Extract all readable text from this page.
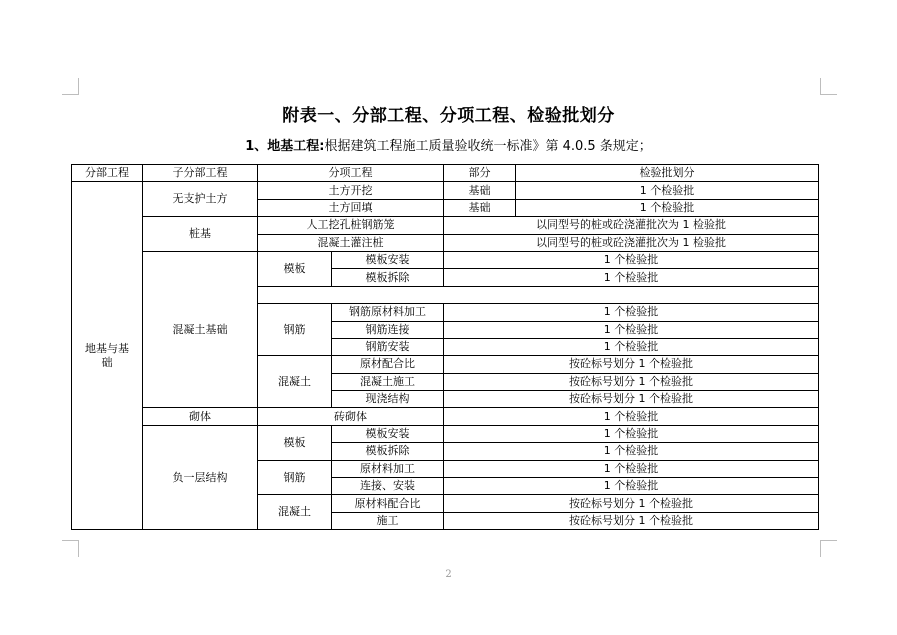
附表一、分部工程、分项工程、检验批划分
1、地基工程:根据建筑工程施工质量验收统一标准》第 4.0.5 条规定；
分部工程	子分部工程	分项工程		部分	检验批划分
地基与基础	无支护土方	土方开挖		基础	1 个检验批
		土方回填		基础	1 个检验批
	桩基	人工挖孔桩钢筋笼		以同型号的桩或砼浇灌批次为 1 检验批	
		混凝土灌注桩		以同型号的桩或砼浇灌批次为 1 检验批	
	混凝土基础	模板	模板安装	1 个检验批	
			模板拆除	1 个检验批	

		钢筋	钢筋原材料加工	1 个检验批	
			钢筋连接	1 个检验批	
			钢筋安装	1 个检验批	
		混凝土	原材配合比	按砼标号划分 1 个检验批	
			混凝土施工	按砼标号划分 1 个检验批	
			现浇结构	按砼标号划分 1 个检验批	
	砌体	砖砌体		1 个检验批	
	负一层结构	模板	模板安装	1 个检验批	
			模板拆除	1 个检验批	
		钢筋	原材料加工	1 个检验批	
			连接、安装	1 个检验批	
		混凝土	原材料配合比	按砼标号划分 1 个检验批	
			施工	按砼标号划分 1 个检验批	
2
